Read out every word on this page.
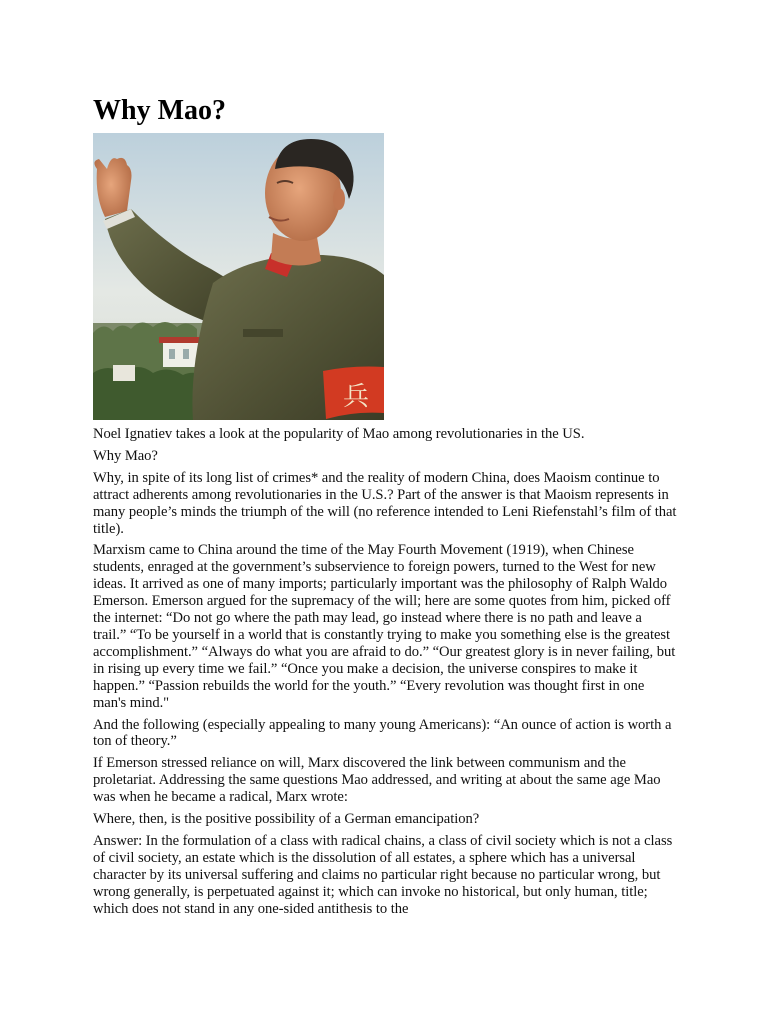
Why Mao?
兵

Noel Ignatiev takes a look at the popularity of Mao among revolutionaries in the US.

Why Mao?

Why, in spite of its long list of crimes* and the reality of modern China, does Maoism continue to attract adherents among revolutionaries in the U.S.? Part of the answer is that Maoism represents in many people’s minds the triumph of the will (no reference intended to Leni Riefenstahl’s film of that title).

Marxism came to China around the time of the May Fourth Movement (1919), when Chinese students, enraged at the government’s subservience to foreign powers, turned to the West for new ideas. It arrived as one of many imports; particularly important was the philosophy of Ralph Waldo Emerson. Emerson argued for the supremacy of the will; here are some quotes from him, picked off the internet: “Do not go where the path may lead, go instead where there is no path and leave a trail.” “To be yourself in a world that is constantly trying to make you something else is the greatest accomplishment.” “Always do what you are afraid to do.” “Our greatest glory is in never failing, but in rising up every time we fail.” “Once you make a decision, the universe conspires to make it happen.” “Passion rebuilds the world for the youth.” “Every revolution was thought first in one man's mind."

And the following (especially appealing to many young Americans): “An ounce of action is worth a ton of theory.”

If Emerson stressed reliance on will, Marx discovered the link between communism and the proletariat. Addressing the same questions Mao addressed, and writing at about the same age Mao was when he became a radical, Marx wrote:

Where, then, is the positive possibility of a German emancipation?

Answer: In the formulation of a class with radical chains, a class of civil society which is not a class of civil society, an estate which is the dissolution of all estates, a sphere which has a universal character by its universal suffering and claims no particular right because no particular wrong, but wrong generally, is perpetuated against it; which can invoke no historical, but only human, title; which does not stand in any one-sided antithesis to the
